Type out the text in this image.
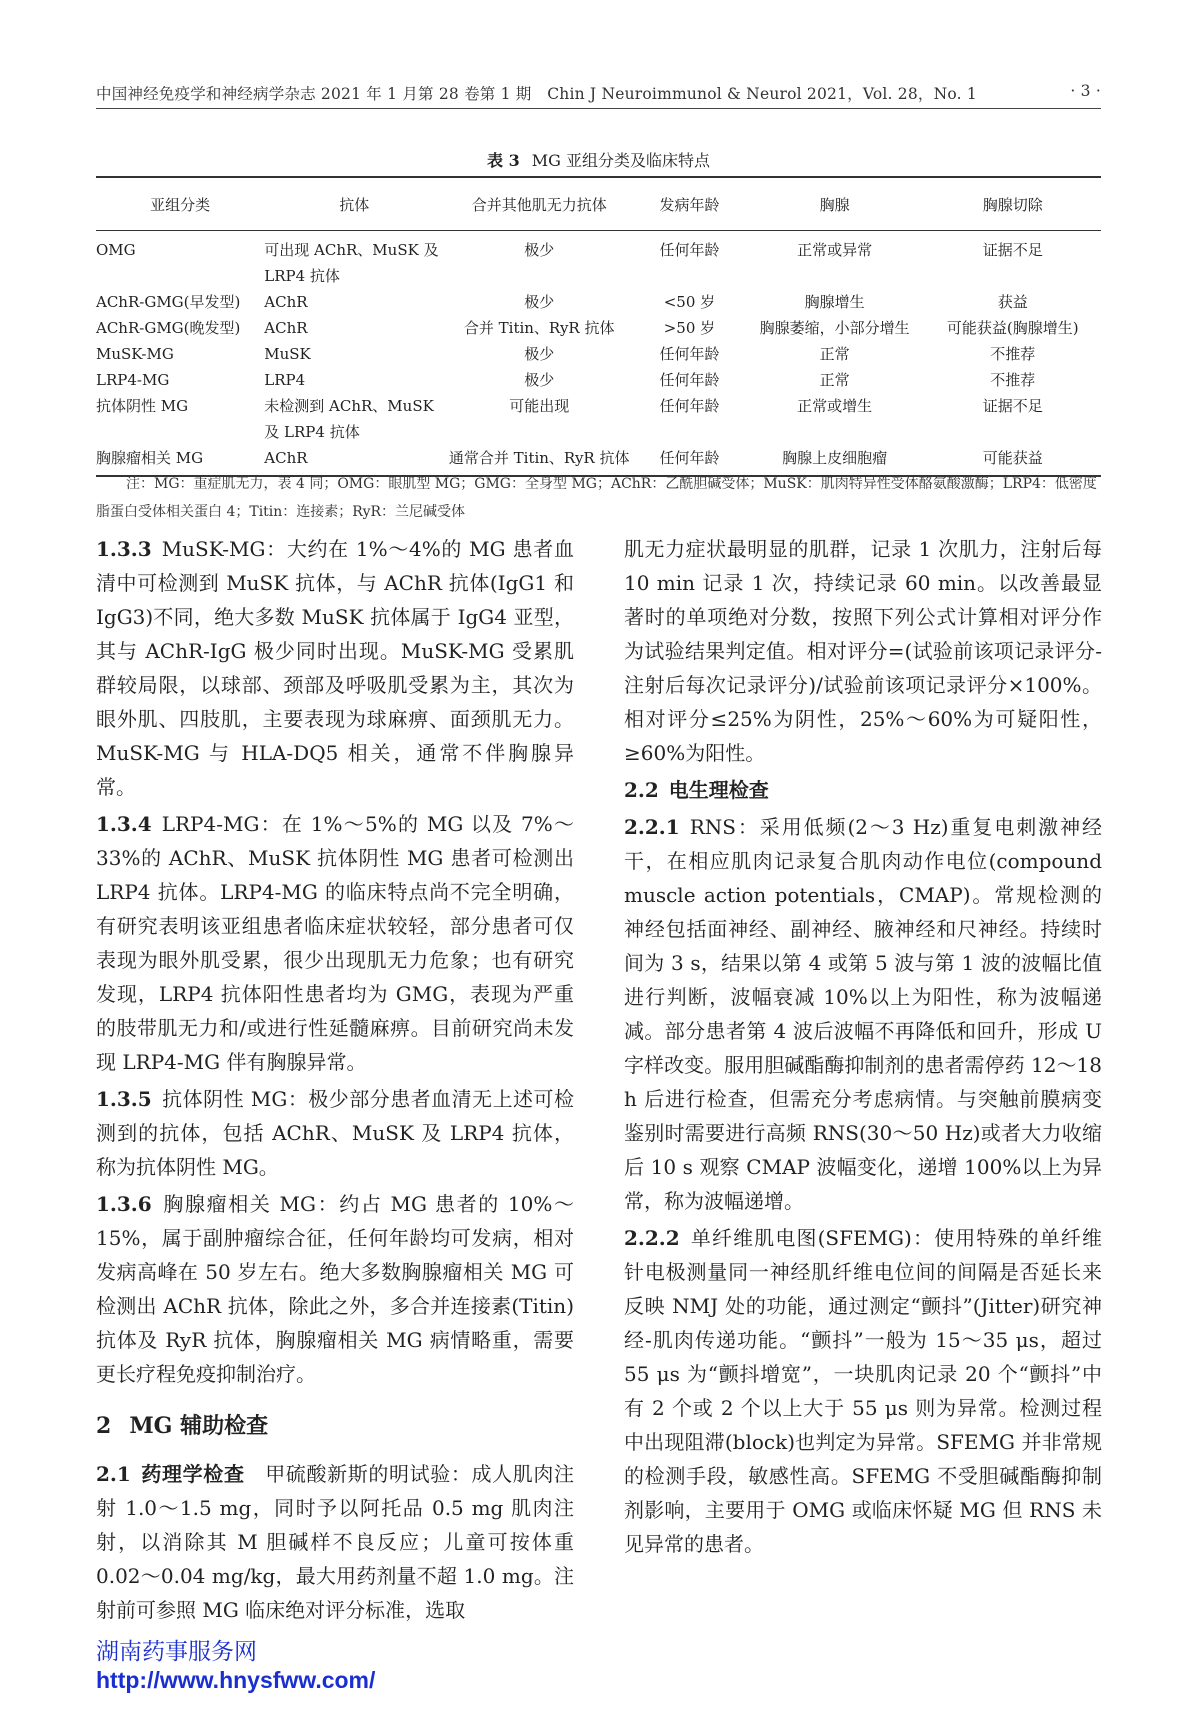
中国神经免疫学和神经病学杂志 2021 年 1 月第 28 卷第 1 期　Chin J Neuroimmunol & Neurol 2021，Vol. 28，No. 1	· 3 ·
表 3 MG 亚组分类及临床特点
亚组分类	抗体	合并其他肌无力抗体	发病年龄	胸腺	胸腺切除
OMG	可出现 AChR、MuSK 及 LRP4 抗体	极少	任何年龄	正常或异常	证据不足
AChR-GMG(早发型)	AChR	极少	<50 岁	胸腺增生	获益
AChR-GMG(晚发型)	AChR	合并 Titin、RyR 抗体	>50 岁	胸腺萎缩，小部分增生	可能获益(胸腺增生)
MuSK-MG	MuSK	极少	任何年龄	正常	不推荐
LRP4-MG	LRP4	极少	任何年龄	正常	不推荐
抗体阴性 MG	未检测到 AChR、MuSK 及 LRP4 抗体	可能出现	任何年龄	正常或增生	证据不足
胸腺瘤相关 MG	AChR	通常合并 Titin、RyR 抗体	任何年龄	胸腺上皮细胞瘤	可能获益
注：MG：重症肌无力，表 4 同；OMG：眼肌型 MG；GMG：全身型 MG；AChR：乙酰胆碱受体；MuSK：肌肉特异性受体酪氨酸激酶；LRP4：低密度脂蛋白受体相关蛋白 4；Titin：连接素；RyR：兰尼碱受体

1.3.3 MuSK-MG：大约在 1%～4%的 MG 患者血清中可检测到 MuSK 抗体，与 AChR 抗体(IgG1 和 IgG3)不同，绝大多数 MuSK 抗体属于 IgG4 亚型，其与 AChR-IgG 极少同时出现。MuSK-MG 受累肌群较局限，以球部、颈部及呼吸肌受累为主，其次为眼外肌、四肢肌，主要表现为球麻痹、面颈肌无力。MuSK-MG 与 HLA-DQ5 相关，通常不伴胸腺异常。

1.3.4 LRP4-MG：在 1%～5%的 MG 以及 7%～33%的 AChR、MuSK 抗体阴性 MG 患者可检测出 LRP4 抗体。LRP4-MG 的临床特点尚不完全明确，有研究表明该亚组患者临床症状较轻，部分患者可仅表现为眼外肌受累，很少出现肌无力危象；也有研究发现，LRP4 抗体阳性患者均为 GMG，表现为严重的肢带肌无力和/或进行性延髓麻痹。目前研究尚未发现 LRP4-MG 伴有胸腺异常。

1.3.5 抗体阴性 MG：极少部分患者血清无上述可检测到的抗体，包括 AChR、MuSK 及 LRP4 抗体，称为抗体阴性 MG。

1.3.6 胸腺瘤相关 MG：约占 MG 患者的 10%～15%，属于副肿瘤综合征，任何年龄均可发病，相对发病高峰在 50 岁左右。绝大多数胸腺瘤相关 MG 可检测出 AChR 抗体，除此之外，多合并连接素(Titin)抗体及 RyR 抗体，胸腺瘤相关 MG 病情略重，需要更长疗程免疫抑制治疗。

2 MG 辅助检查

2.1 药理学检查　 甲硫酸新斯的明试验：成人肌肉注射 1.0～1.5 mg，同时予以阿托品 0.5 mg 肌肉注射，以消除其 M 胆碱样不良反应；儿童可按体重 0.02～0.04 mg/kg，最大用药剂量不超 1.0 mg。注射前可参照 MG 临床绝对评分标准，选取

肌无力症状最明显的肌群，记录 1 次肌力，注射后每 10 min 记录 1 次，持续记录 60 min。以改善最显著时的单项绝对分数，按照下列公式计算相对评分作为试验结果判定值。相对评分=(试验前该项记录评分-注射后每次记录评分)/试验前该项记录评分×100%。相对评分≤25%为阴性，25%～60%为可疑阳性，≥60%为阳性。

2.2 电生理检查

2.2.1 RNS：采用低频(2～3 Hz)重复电刺激神经干，在相应肌肉记录复合肌肉动作电位(compound muscle action potentials，CMAP)。常规检测的神经包括面神经、副神经、腋神经和尺神经。持续时间为 3 s，结果以第 4 或第 5 波与第 1 波的波幅比值进行判断，波幅衰减 10%以上为阳性，称为波幅递减。部分患者第 4 波后波幅不再降低和回升，形成 U 字样改变。服用胆碱酯酶抑制剂的患者需停药 12～18 h 后进行检查，但需充分考虑病情。与突触前膜病变鉴别时需要进行高频 RNS(30～50 Hz)或者大力收缩后 10 s 观察 CMAP 波幅变化，递增 100%以上为异常，称为波幅递增。

2.2.2 单纤维肌电图(SFEMG)：使用特殊的单纤维针电极测量同一神经肌纤维电位间的间隔是否延长来反映 NMJ 处的功能，通过测定“颤抖”(Jitter)研究神经-肌肉传递功能。“颤抖”一般为 15～35 μs，超过 55 μs 为“颤抖增宽”，一块肌肉记录 20 个“颤抖”中有 2 个或 2 个以上大于 55 μs 则为异常。检测过程中出现阻滞(block)也判定为异常。SFEMG 并非常规的检测手段，敏感性高。SFEMG 不受胆碱酯酶抑制剂影响，主要用于 OMG 或临床怀疑 MG 但 RNS 未见异常的患者。

湖南药事服务网
http://www.hnysfww.com/
